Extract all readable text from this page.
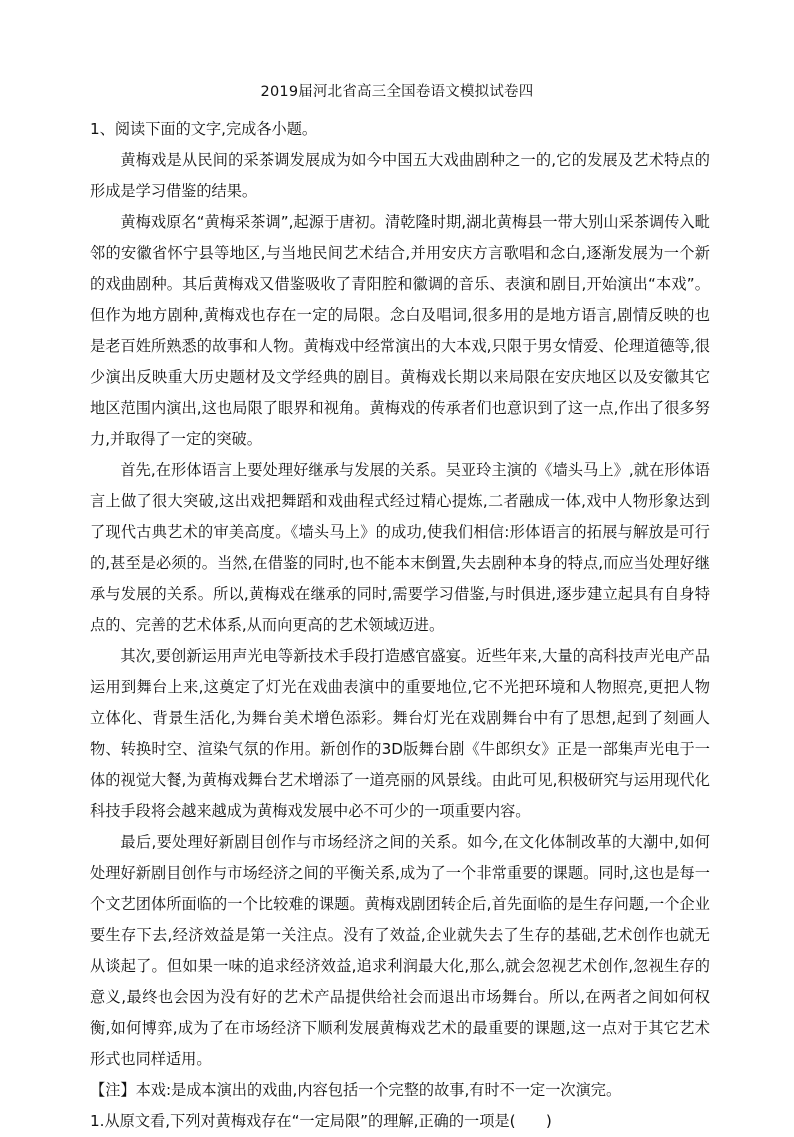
2019届河北省高三全国卷语文模拟试卷四

1、阅读下面的文字,完成各小题。

黄梅戏是从民间的采茶调发展成为如今中国五大戏曲剧种之一的,它的发展及艺术特点的形成是学习借鉴的结果。

黄梅戏原名“黄梅采茶调”,起源于唐初。清乾隆时期,湖北黄梅县一带大别山采茶调传入毗邻的安徽省怀宁县等地区,与当地民间艺术结合,并用安庆方言歌唱和念白,逐渐发展为一个新的戏曲剧种。其后黄梅戏又借鉴吸收了青阳腔和徽调的音乐、表演和剧目,开始演出“本戏”。但作为地方剧种,黄梅戏也存在一定的局限。念白及唱词,很多用的是地方语言,剧情反映的也是老百姓所熟悉的故事和人物。黄梅戏中经常演出的大本戏,只限于男女情爱、伦理道德等,很少演出反映重大历史题材及文学经典的剧目。黄梅戏长期以来局限在安庆地区以及安徽其它地区范围内演出,这也局限了眼界和视角。黄梅戏的传承者们也意识到了这一点,作出了很多努力,并取得了一定的突破。

首先,在形体语言上要处理好继承与发展的关系。吴亚玲主演的《墙头马上》,就在形体语言上做了很大突破,这出戏把舞蹈和戏曲程式经过精心提炼,二者融成一体,戏中人物形象达到了现代古典艺术的审美高度。《墙头马上》的成功,使我们相信:形体语言的拓展与解放是可行的,甚至是必须的。当然,在借鉴的同时,也不能本末倒置,失去剧种本身的特点,而应当处理好继承与发展的关系。所以,黄梅戏在继承的同时,需要学习借鉴,与时俱进,逐步建立起具有自身特点的、完善的艺术体系,从而向更高的艺术领域迈进。

其次,要创新运用声光电等新技术手段打造感官盛宴。近些年来,大量的高科技声光电产品运用到舞台上来,这奠定了灯光在戏曲表演中的重要地位,它不光把环境和人物照亮,更把人物立体化、背景生活化,为舞台美术增色添彩。舞台灯光在戏剧舞台中有了思想,起到了刻画人物、转换时空、渲染气氛的作用。新创作的3D版舞台剧《牛郎织女》正是一部集声光电于一体的视觉大餐,为黄梅戏舞台艺术增添了一道亮丽的风景线。由此可见,积极研究与运用现代化科技手段将会越来越成为黄梅戏发展中必不可少的一项重要内容。

最后,要处理好新剧目创作与市场经济之间的关系。如今,在文化体制改革的大潮中,如何处理好新剧目创作与市场经济之间的平衡关系,成为了一个非常重要的课题。同时,这也是每一个文艺团体所面临的一个比较难的课题。黄梅戏剧团转企后,首先面临的是生存问题,一个企业要生存下去,经济效益是第一关注点。没有了效益,企业就失去了生存的基础,艺术创作也就无从谈起了。但如果一味的追求经济效益,追求利润最大化,那么,就会忽视艺术创作,忽视生存的意义,最终也会因为没有好的艺术产品提供给社会而退出市场舞台。所以,在两者之间如何权衡,如何博弈,成为了在市场经济下顺利发展黄梅戏艺术的最重要的课题,这一点对于其它艺术形式也同样适用。

【注】本戏:是成本演出的戏曲,内容包括一个完整的故事,有时不一定一次演完。

1.从原文看,下列对黄梅戏存在“一定局限”的理解,正确的一项是(　　)
